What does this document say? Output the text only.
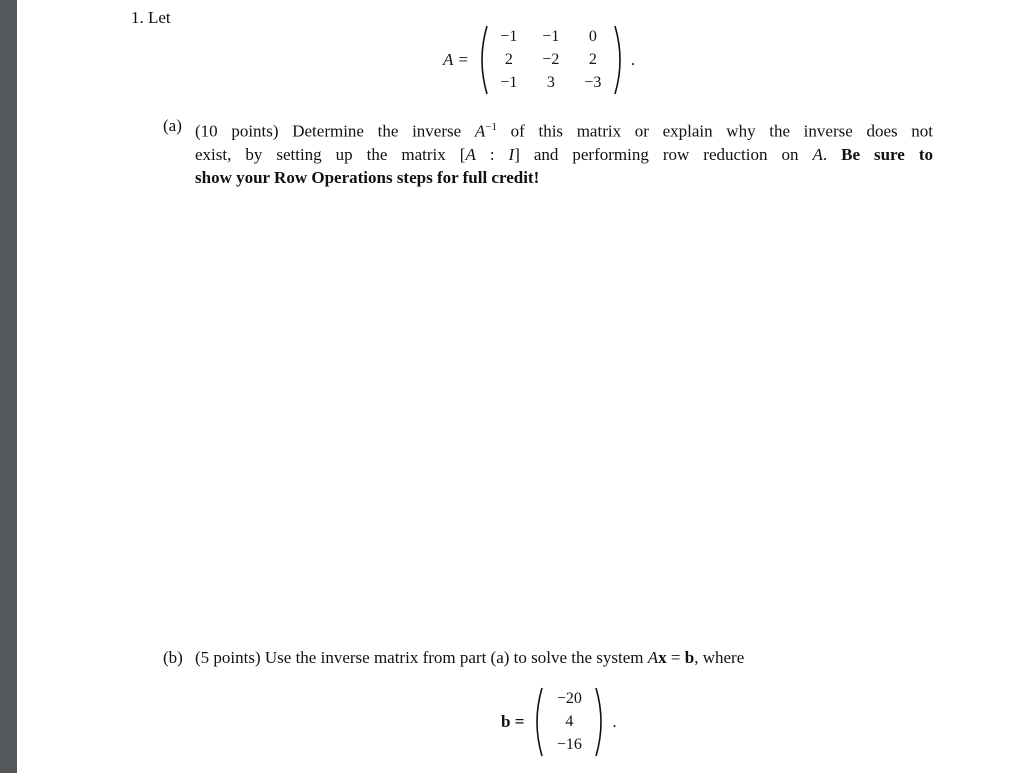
1. Let
A =
−1	−1	0
2	−2	2
−1	3	−3
.
(a) (10 points) Determine the inverse $A^{-1}$ of this matrix or explain why the inverse does not
exist, by setting up the matrix [A : I] and performing row reduction on A. Be sure to
show your Row Operations steps for full credit!
(b) (5 points) Use the inverse matrix from part (a) to solve the system Ax = b, where
b =
−20
4
−16
.
